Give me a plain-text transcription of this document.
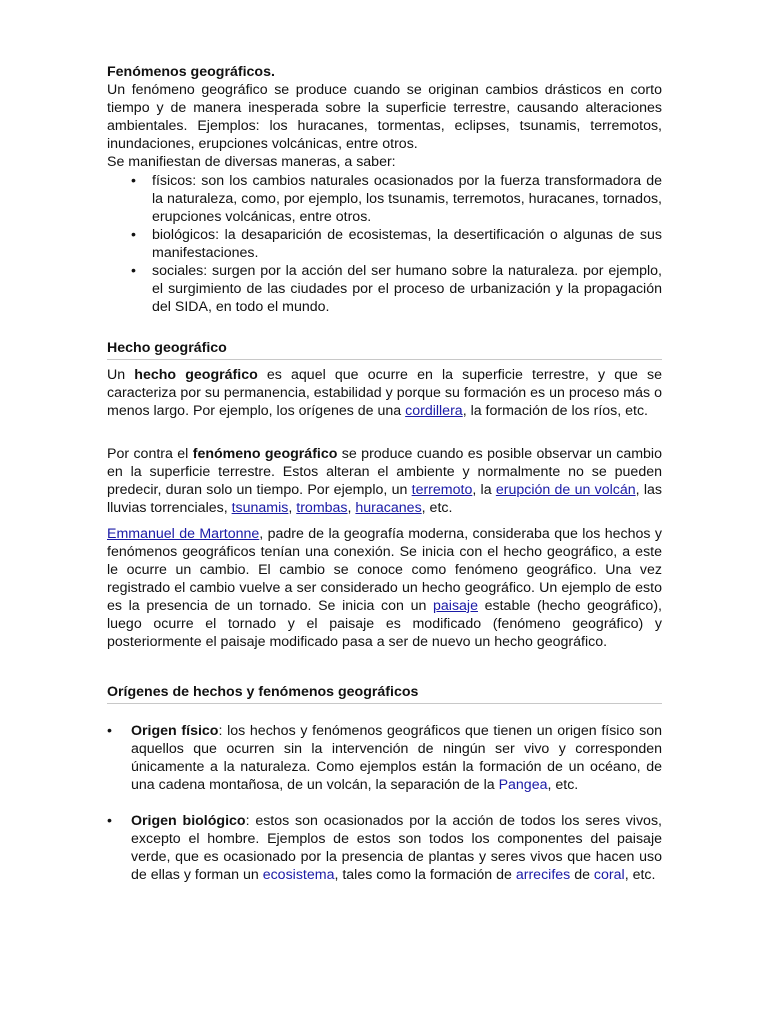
Fenómenos geográficos.
Un fenómeno geográfico se produce cuando se originan cambios drásticos en corto tiempo y de manera inesperada sobre la superficie terrestre, causando alteraciones ambientales. Ejemplos: los huracanes, tormentas, eclipses, tsunamis, terremotos, inundaciones, erupciones volcánicas, entre otros.
Se manifiestan de diversas maneras, a saber:
• físicos: son los cambios naturales ocasionados por la fuerza transformadora de la naturaleza, como, por ejemplo, los tsunamis, terremotos, huracanes, tornados, erupciones volcánicas, entre otros.
• biológicos: la desaparición de ecosistemas, la desertificación o algunas de sus manifestaciones.
• sociales: surgen por la acción del ser humano sobre la naturaleza. por ejemplo, el surgimiento de las ciudades por el proceso de urbanización y la propagación del SIDA, en todo el mundo.
Hecho geográfico

Un hecho geográfico es aquel que ocurre en la superficie terrestre, y que se caracteriza por su permanencia, estabilidad y porque su formación es un proceso más o menos largo. Por ejemplo, los orígenes de una cordillera, la formación de los ríos, etc.

Por contra el fenómeno geográfico se produce cuando es posible observar un cambio en la superficie terrestre. Estos alteran el ambiente y normalmente no se pueden predecir, duran solo un tiempo. Por ejemplo, un terremoto, la erupción de un volcán, las lluvias torrenciales, tsunamis, trombas, huracanes, etc.

Emmanuel de Martonne, padre de la geografía moderna, consideraba que los hechos y fenómenos geográficos tenían una conexión. Se inicia con el hecho geográfico, a este le ocurre un cambio. El cambio se conoce como fenómeno geográfico. Una vez registrado el cambio vuelve a ser considerado un hecho geográfico. Un ejemplo de esto es la presencia de un tornado. Se inicia con un paisaje estable (hecho geográfico), luego ocurre el tornado y el paisaje es modificado (fenómeno geográfico) y posteriormente el paisaje modificado pasa a ser de nuevo un hecho geográfico.

Orígenes de hechos y fenómenos geográficos
• Origen físico: los hechos y fenómenos geográficos que tienen un origen físico son aquellos que ocurren sin la intervención de ningún ser vivo y corresponden únicamente a la naturaleza. Como ejemplos están la formación de un océano, de una cadena montañosa, de un volcán, la separación de la Pangea, etc.
• Origen biológico: estos son ocasionados por la acción de todos los seres vivos, excepto el hombre. Ejemplos de estos son todos los componentes del paisaje verde, que es ocasionado por la presencia de plantas y seres vivos que hacen uso de ellas y forman un ecosistema, tales como la formación de arrecifes de coral, etc.
